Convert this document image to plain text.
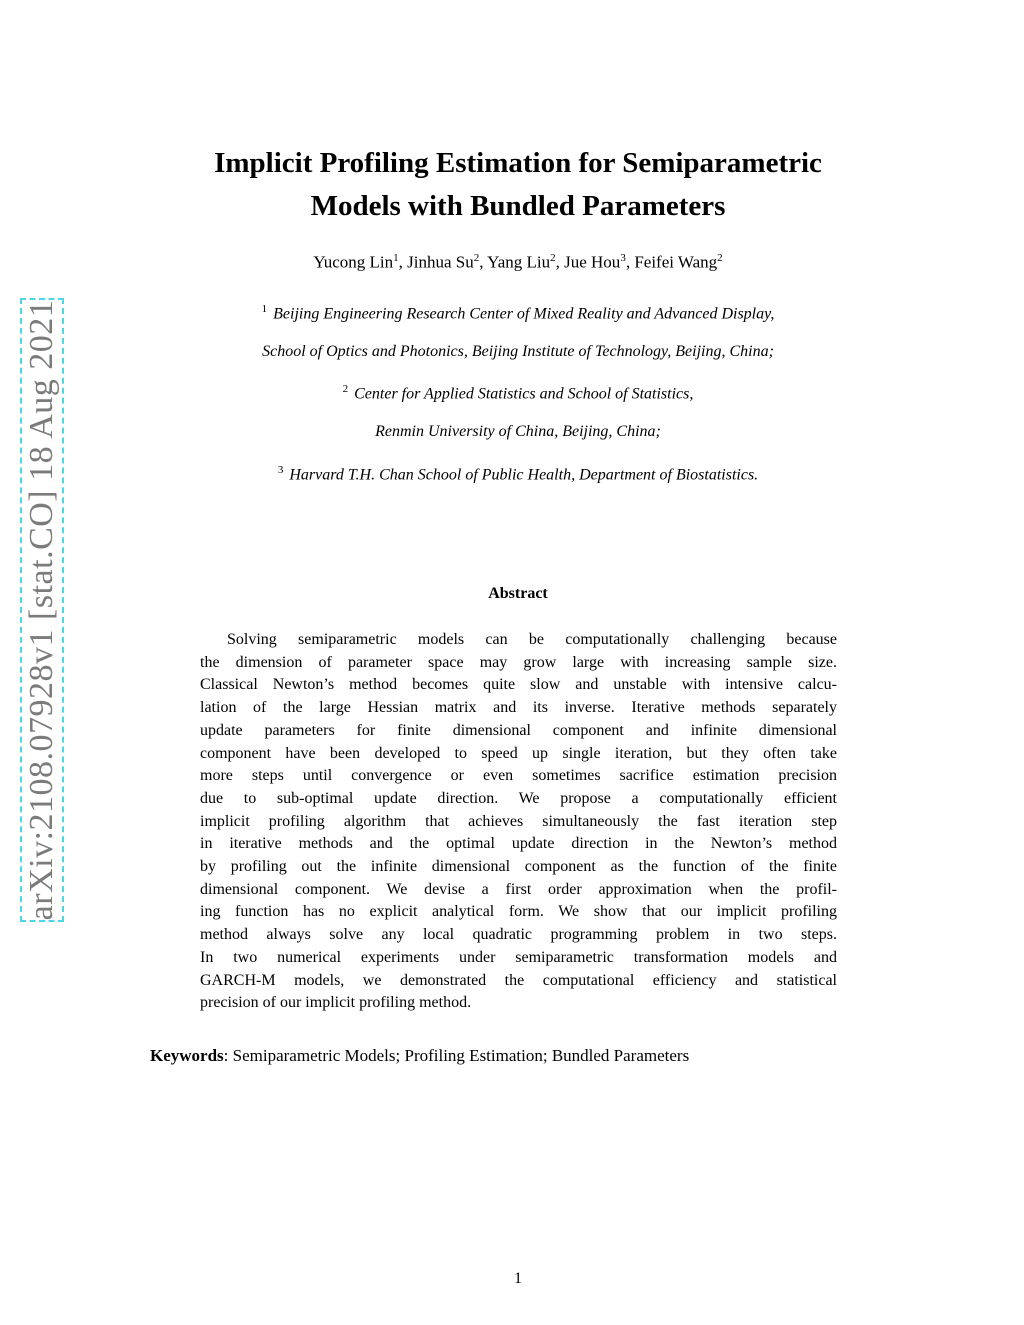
arXiv:2108.07928v1 [stat.CO] 18 Aug 2021
Implicit Profiling Estimation for Semiparametric
Models with Bundled Parameters
Yucong Lin$^1$, Jinhua Su$^2$, Yang Liu$^2$, Jue Hou$^3$, Feifei Wang$^2$
$^1$ Beijing Engineering Research Center of Mixed Reality and Advanced Display,
School of Optics and Photonics, Beijing Institute of Technology, Beijing, China;
$^2$ Center for Applied Statistics and School of Statistics,
Renmin University of China, Beijing, China;
$^3$ Harvard T.H. Chan School of Public Health, Department of Biostatistics.
Abstract
Solving semiparametric models can be computationally challenging because
the dimension of parameter space may grow large with increasing sample size.
Classical Newton’s method becomes quite slow and unstable with intensive calcu-
lation of the large Hessian matrix and its inverse. Iterative methods separately
update parameters for finite dimensional component and infinite dimensional
component have been developed to speed up single iteration, but they often take
more steps until convergence or even sometimes sacrifice estimation precision
due to sub-optimal update direction. We propose a computationally efficient
implicit profiling algorithm that achieves simultaneously the fast iteration step
in iterative methods and the optimal update direction in the Newton’s method
by profiling out the infinite dimensional component as the function of the finite
dimensional component. We devise a first order approximation when the profil-
ing function has no explicit analytical form. We show that our implicit profiling
method always solve any local quadratic programming problem in two steps.
In two numerical experiments under semiparametric transformation models and
GARCH-M models, we demonstrated the computational efficiency and statistical
precision of our implicit profiling method.
Keywords: Semiparametric Models; Profiling Estimation; Bundled Parameters
1
